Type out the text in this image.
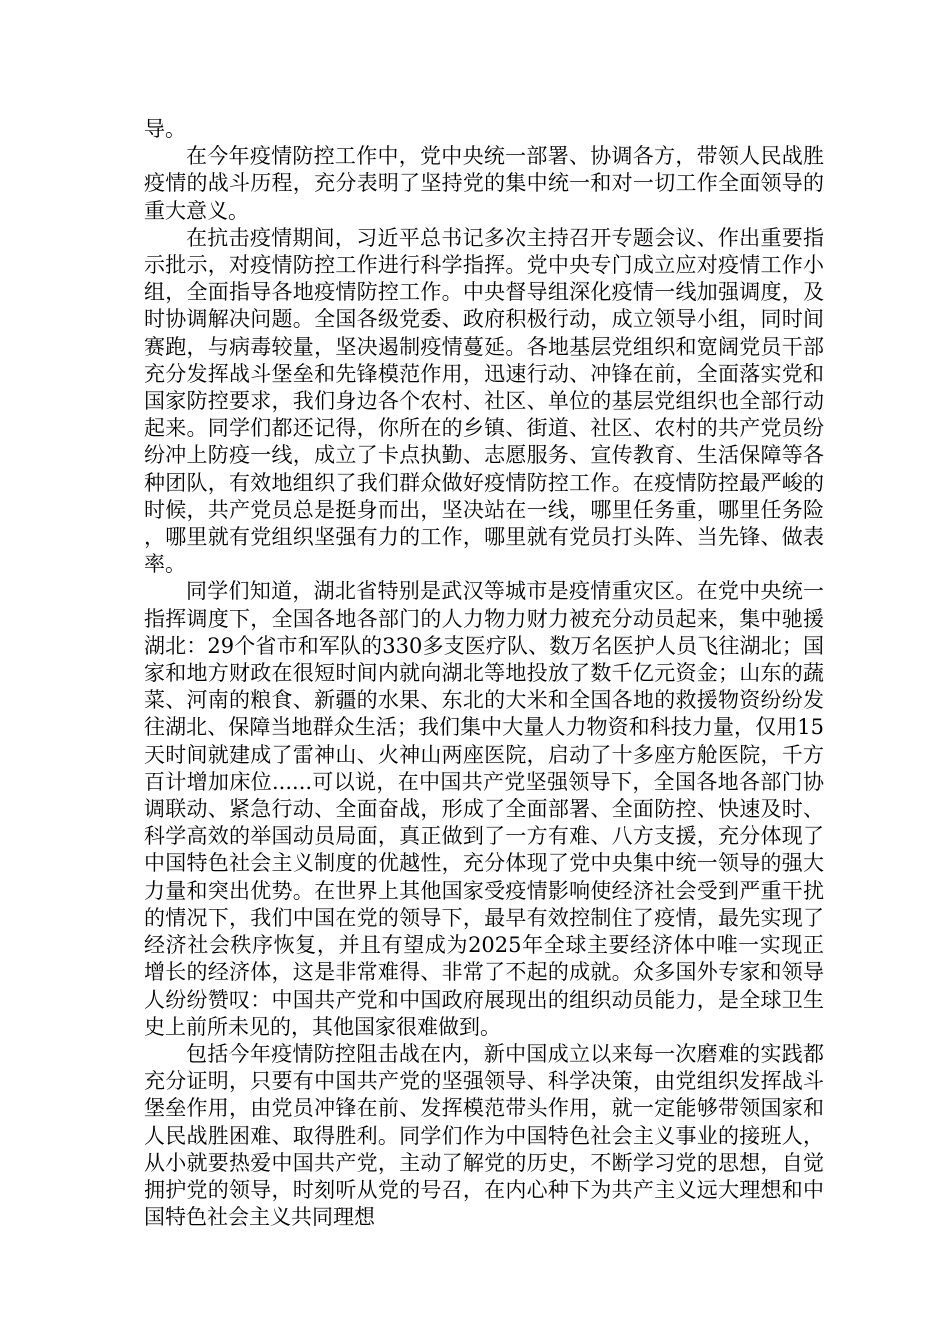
导。

在今年疫情防控工作中，党中央统一部署、协调各方，带领人民战胜疫情的战斗历程，充分表明了坚持党的集中统一和对一切工作全面领导的重大意义。

在抗击疫情期间，习近平总书记多次主持召开专题会议、作出重要指示批示，对疫情防控工作进行科学指挥。党中央专门成立应对疫情工作小组，全面指导各地疫情防控工作。中央督导组深化疫情一线加强调度，及时协调解决问题。全国各级党委、政府积极行动，成立领导小组，同时间赛跑，与病毒较量，坚决遏制疫情蔓延。各地基层党组织和宽阔党员干部充分发挥战斗堡垒和先锋模范作用，迅速行动、冲锋在前，全面落实党和国家防控要求，我们身边各个农村、社区、单位的基层党组织也全部行动起来。同学们都还记得，你所在的乡镇、街道、社区、农村的共产党员纷纷冲上防疫一线，成立了卡点执勤、志愿服务、宣传教育、生活保障等各种团队，有效地组织了我们群众做好疫情防控工作。在疫情防控最严峻的时候，共产党员总是挺身而出，坚决站在一线，哪里任务重，哪里任务险，哪里就有党组织坚强有力的工作，哪里就有党员打头阵、当先锋、做表率。

同学们知道，湖北省特别是武汉等城市是疫情重灾区。在党中央统一指挥调度下，全国各地各部门的人力物力财力被充分动员起来，集中驰援湖北：29个省市和军队的330多支医疗队、数万名医护人员飞往湖北；国家和地方财政在很短时间内就向湖北等地投放了数千亿元资金；山东的蔬菜、河南的粮食、新疆的水果、东北的大米和全国各地的救援物资纷纷发往湖北、保障当地群众生活；我们集中大量人力物资和科技力量，仅用15天时间就建成了雷神山、火神山两座医院，启动了十多座方舱医院，千方百计增加床位......可以说，在中国共产党坚强领导下，全国各地各部门协调联动、紧急行动、全面奋战，形成了全面部署、全面防控、快速及时、科学高效的举国动员局面，真正做到了一方有难、八方支援，充分体现了中国特色社会主义制度的优越性，充分体现了党中央集中统一领导的强大力量和突出优势。在世界上其他国家受疫情影响使经济社会受到严重干扰的情况下，我们中国在党的领导下，最早有效控制住了疫情，最先实现了经济社会秩序恢复，并且有望成为2025年全球主要经济体中唯一实现正增长的经济体，这是非常难得、非常了不起的成就。众多国外专家和领导人纷纷赞叹：中国共产党和中国政府展现出的组织动员能力，是全球卫生史上前所未见的，其他国家很难做到。

包括今年疫情防控阻击战在内，新中国成立以来每一次磨难的实践都充分证明，只要有中国共产党的坚强领导、科学决策，由党组织发挥战斗堡垒作用，由党员冲锋在前、发挥模范带头作用，就一定能够带领国家和人民战胜困难、取得胜利。同学们作为中国特色社会主义事业的接班人，从小就要热爱中国共产党，主动了解党的历史，不断学习党的思想，自觉拥护党的领导，时刻听从党的号召，在内心种下为共产主义远大理想和中国特色社会主义共同理想
